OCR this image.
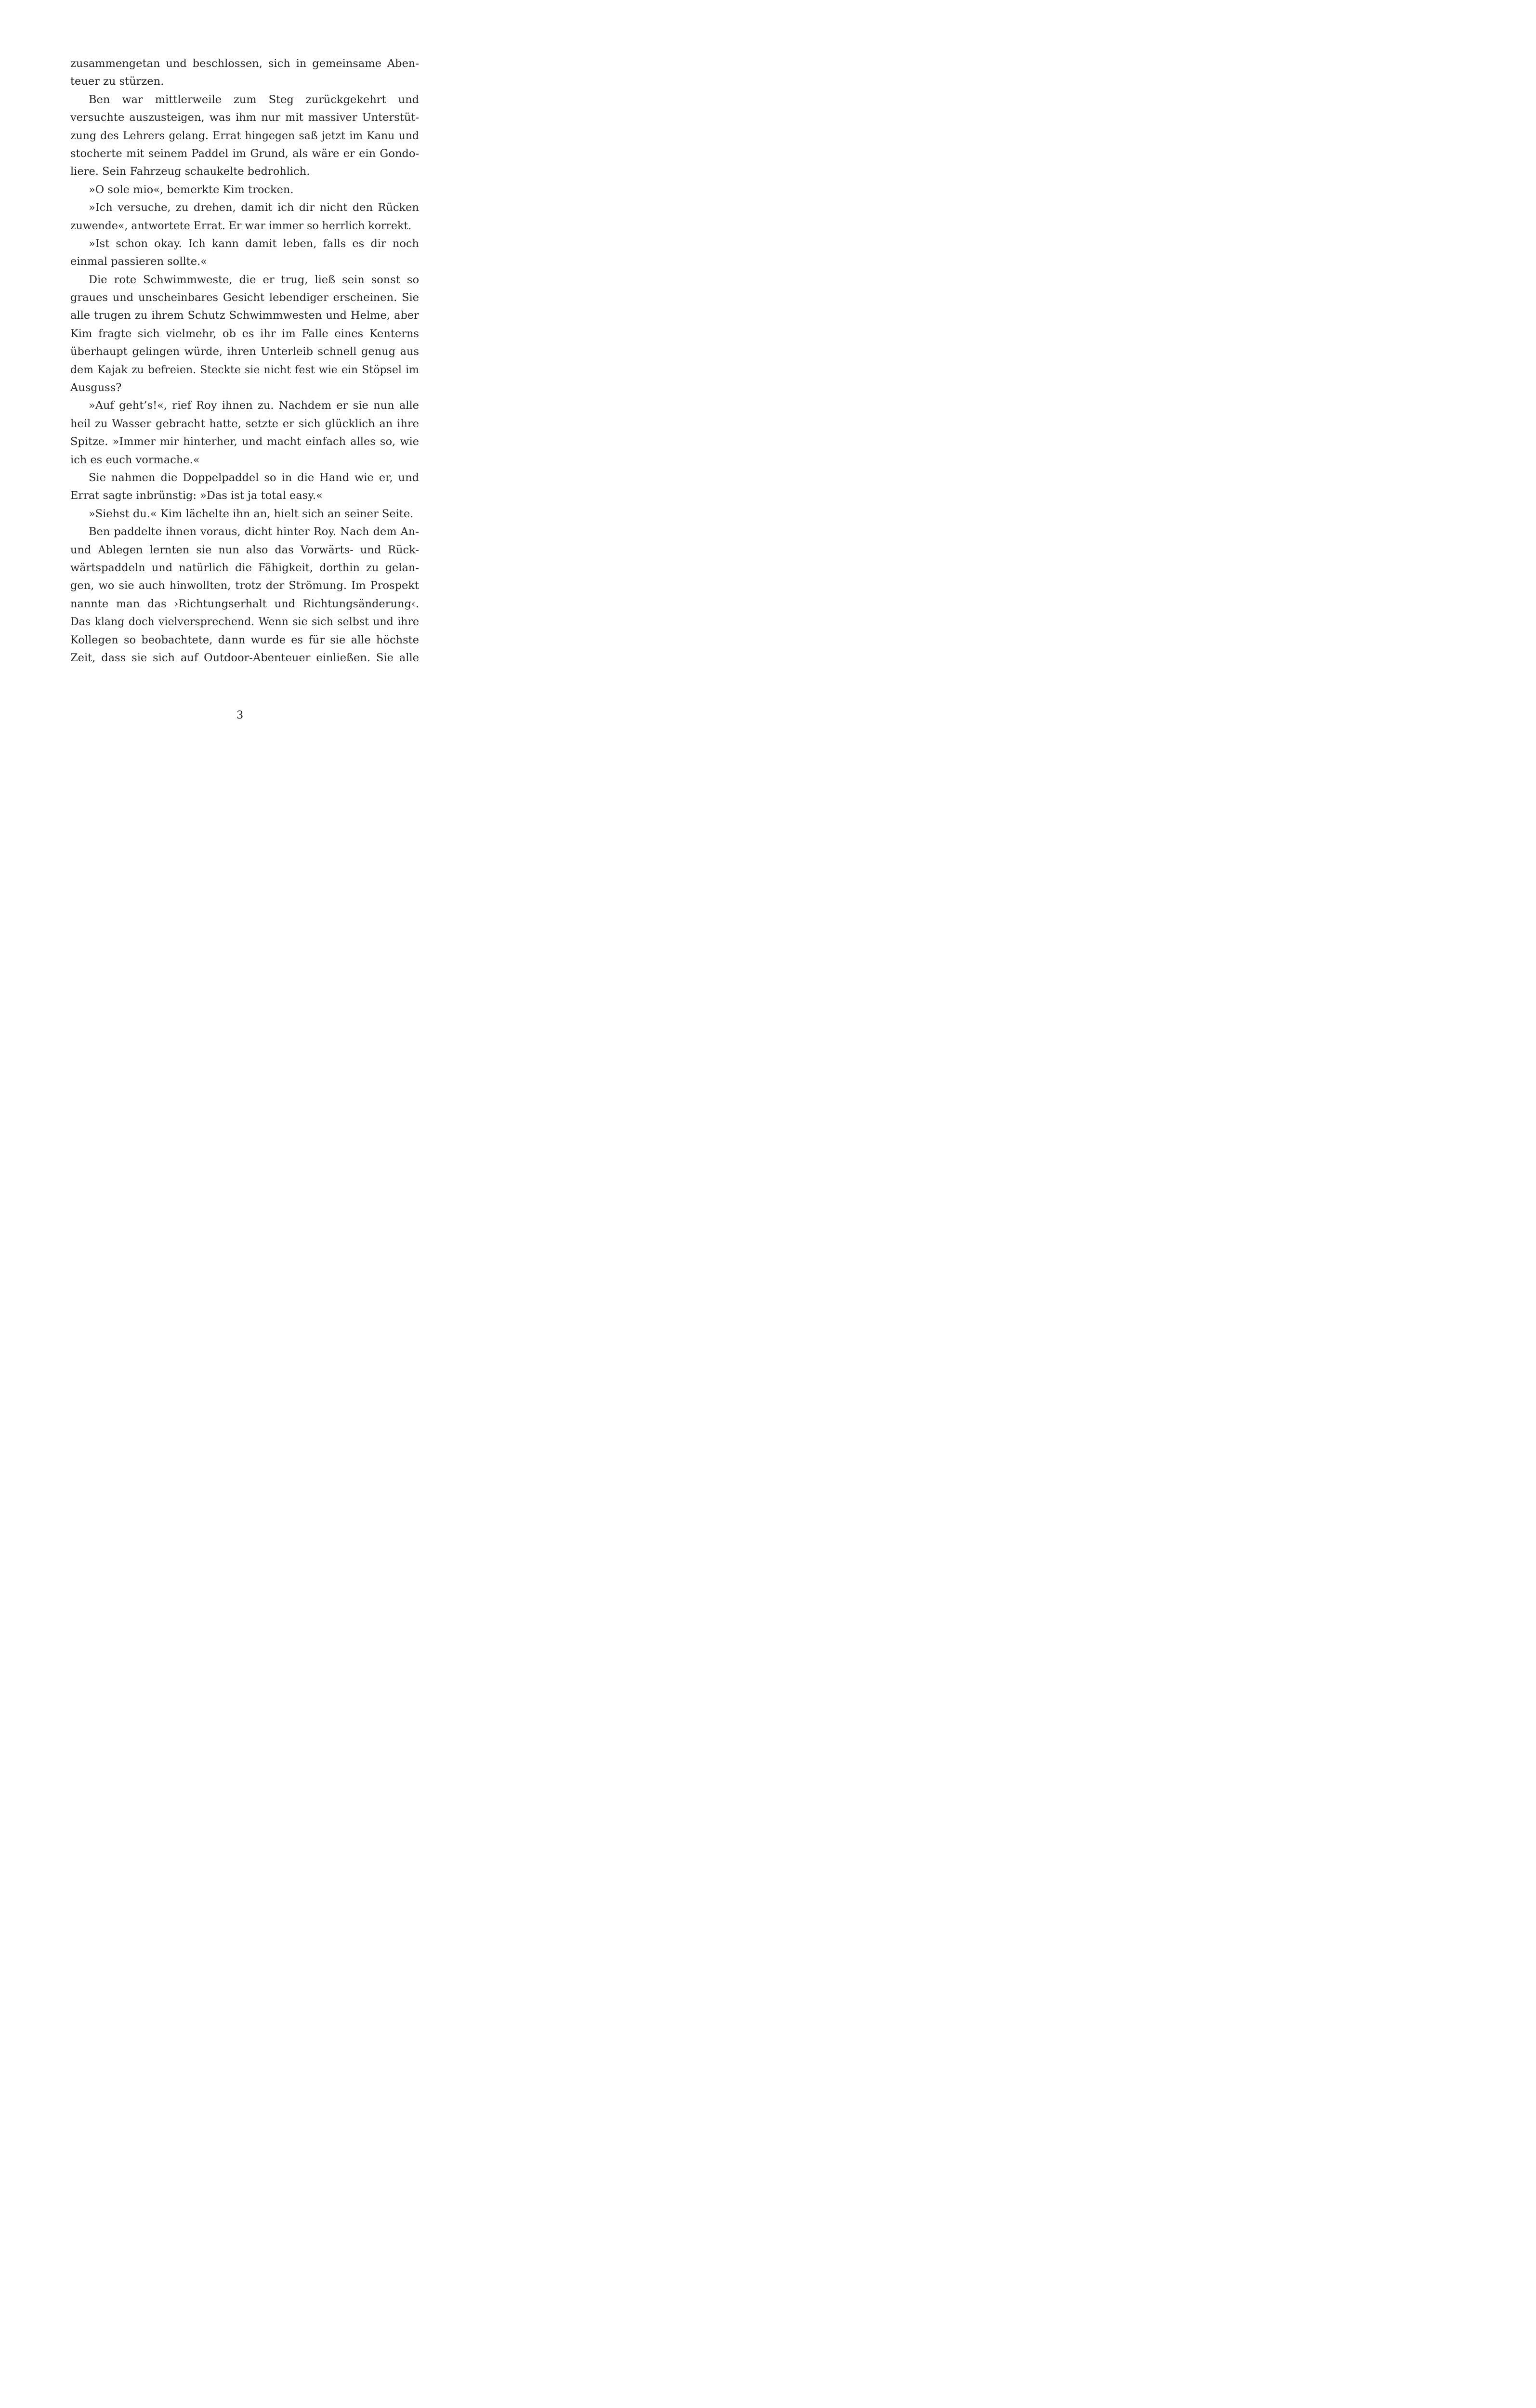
zusammengetan und beschlossen, sich in gemeinsame Aben-
teuer zu stürzen.
Ben war mittlerweile zum Steg zurückgekehrt und
versuchte auszusteigen, was ihm nur mit massiver Unterstüt-
zung des Lehrers gelang. Errat hingegen saß jetzt im Kanu und
stocherte mit seinem Paddel im Grund, als wäre er ein Gondo-
liere. Sein Fahrzeug schaukelte bedrohlich.
»O sole mio«, bemerkte Kim trocken.
»Ich versuche, zu drehen, damit ich dir nicht den Rücken
zuwende«, antwortete Errat. Er war immer so herrlich korrekt.
»Ist schon okay. Ich kann damit leben, falls es dir noch
einmal passieren sollte.«
Die rote Schwimmweste, die er trug, ließ sein sonst so
graues und unscheinbares Gesicht lebendiger erscheinen. Sie
alle trugen zu ihrem Schutz Schwimmwesten und Helme, aber
Kim fragte sich vielmehr, ob es ihr im Falle eines Kenterns
überhaupt gelingen würde, ihren Unterleib schnell genug aus
dem Kajak zu befreien. Steckte sie nicht fest wie ein Stöpsel im
Ausguss?
»Auf geht’s!«, rief Roy ihnen zu. Nachdem er sie nun alle
heil zu Wasser gebracht hatte, setzte er sich glücklich an ihre
Spitze. »Immer mir hinterher, und macht einfach alles so, wie
ich es euch vormache.«
Sie nahmen die Doppelpaddel so in die Hand wie er, und
Errat sagte inbrünstig: »Das ist ja total easy.«
»Siehst du.« Kim lächelte ihn an, hielt sich an seiner Seite.
Ben paddelte ihnen voraus, dicht hinter Roy. Nach dem An-
und Ablegen lernten sie nun also das Vorwärts- und Rück-
wärtspaddeln und natürlich die Fähigkeit, dorthin zu gelan-
gen, wo sie auch hinwollten, trotz der Strömung. Im Prospekt
nannte man das ›Richtungserhalt und Richtungsänderung‹.
Das klang doch vielversprechend. Wenn sie sich selbst und ihre
Kollegen so beobachtete, dann wurde es für sie alle höchste
Zeit, dass sie sich auf Outdoor-Abenteuer einließen. Sie alle
3
